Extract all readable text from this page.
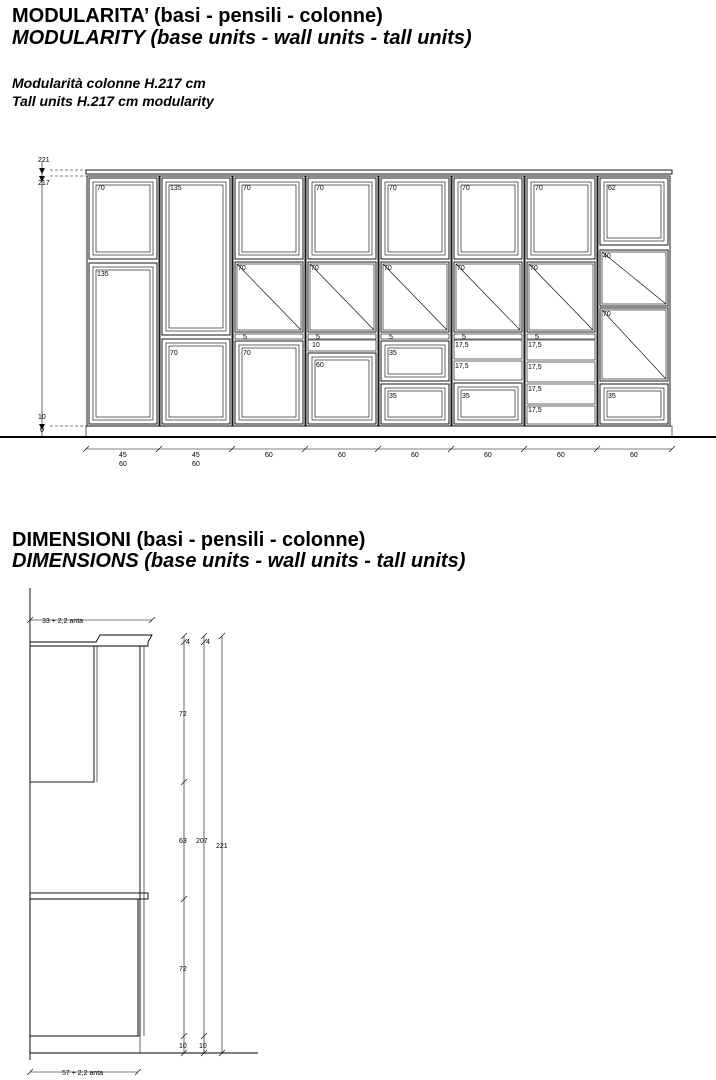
MODULARITA’ (basi - pensili - colonne)
MODULARITY (base units - wall units - tall units)
Modularità colonne H.217 cm
Tall units H.217 cm modularity
221
217
10
0
70
135
135
70
70
70
5
70
70
70
5
10
60
70
70
5
35
35
70
70
5
17,5
17,5
35
70
70
5
17,5
17,5
17,5
17,5
62
40
70
35
45
60
45
60
60	60	60	60	60	60
DIMENSIONI (basi - pensili - colonne)
DIMENSIONS (base units - wall units - tall units)
33 + 2,2 anta
57 + 2,2 anta
4
72
63
72
10
4
207
10
221
